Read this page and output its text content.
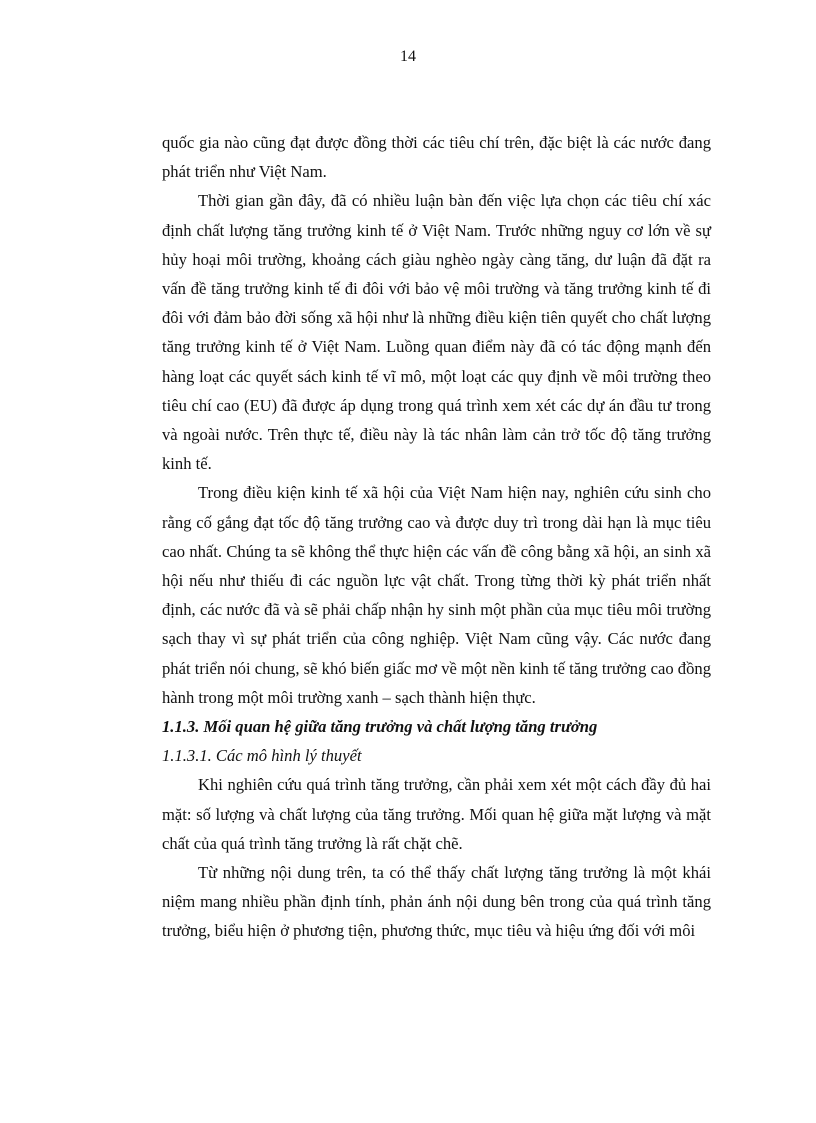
14

quốc gia nào cũng đạt được đồng thời các tiêu chí trên, đặc biệt là các nước đang phát triển như Việt Nam.

Thời gian gần đây, đã có nhiều luận bàn đến việc lựa chọn các tiêu chí xác định chất lượng tăng trưởng kinh tế ở Việt Nam. Trước những nguy cơ lớn về sự hủy hoại môi trường, khoảng cách giàu nghèo ngày càng tăng, dư luận đã đặt ra vấn đề tăng trưởng kinh tế đi đôi với bảo vệ môi trường và tăng trưởng kinh tế đi đôi với đảm bảo đời sống xã hội như là những điều kiện tiên quyết cho chất lượng tăng trưởng kinh tế ở Việt Nam. Luồng quan điểm này đã có tác động mạnh đến hàng loạt các quyết sách kinh tế vĩ mô, một loạt các quy định về môi trường theo tiêu chí cao (EU) đã được áp dụng trong quá trình xem xét các dự án đầu tư trong và ngoài nước. Trên thực tế, điều này là tác nhân làm cản trở tốc độ tăng trưởng kinh tế.

Trong điều kiện kinh tế xã hội của Việt Nam hiện nay, nghiên cứu sinh cho rằng cố gắng đạt tốc độ tăng trưởng cao và được duy trì trong dài hạn là mục tiêu cao nhất. Chúng ta sẽ không thể thực hiện các vấn đề công bằng xã hội, an sinh xã hội nếu như thiếu đi các nguồn lực vật chất. Trong từng thời kỳ phát triển nhất định, các nước đã và sẽ phải chấp nhận hy sinh một phần của mục tiêu môi trường sạch thay vì sự phát triển của công nghiệp. Việt Nam cũng vậy. Các nước đang phát triển nói chung, sẽ khó biến giấc mơ về một nền kinh tế tăng trưởng cao đồng hành trong một môi trường xanh – sạch thành hiện thực.

1.1.3. Mối quan hệ giữa tăng trưởng và chất lượng tăng trưởng

1.1.3.1. Các mô hình lý thuyết

Khi nghiên cứu quá trình tăng trưởng, cần phải xem xét một cách đầy đủ hai mặt: số lượng và chất lượng của tăng trưởng. Mối quan hệ giữa mặt lượng và mặt chất của quá trình tăng trưởng là rất chặt chẽ.

Từ những nội dung trên, ta có thể thấy chất lượng tăng trưởng là một khái niệm mang nhiều phần định tính, phản ánh nội dung bên trong của quá trình tăng trưởng, biểu hiện ở phương tiện, phương thức, mục tiêu và hiệu ứng đối với môi
